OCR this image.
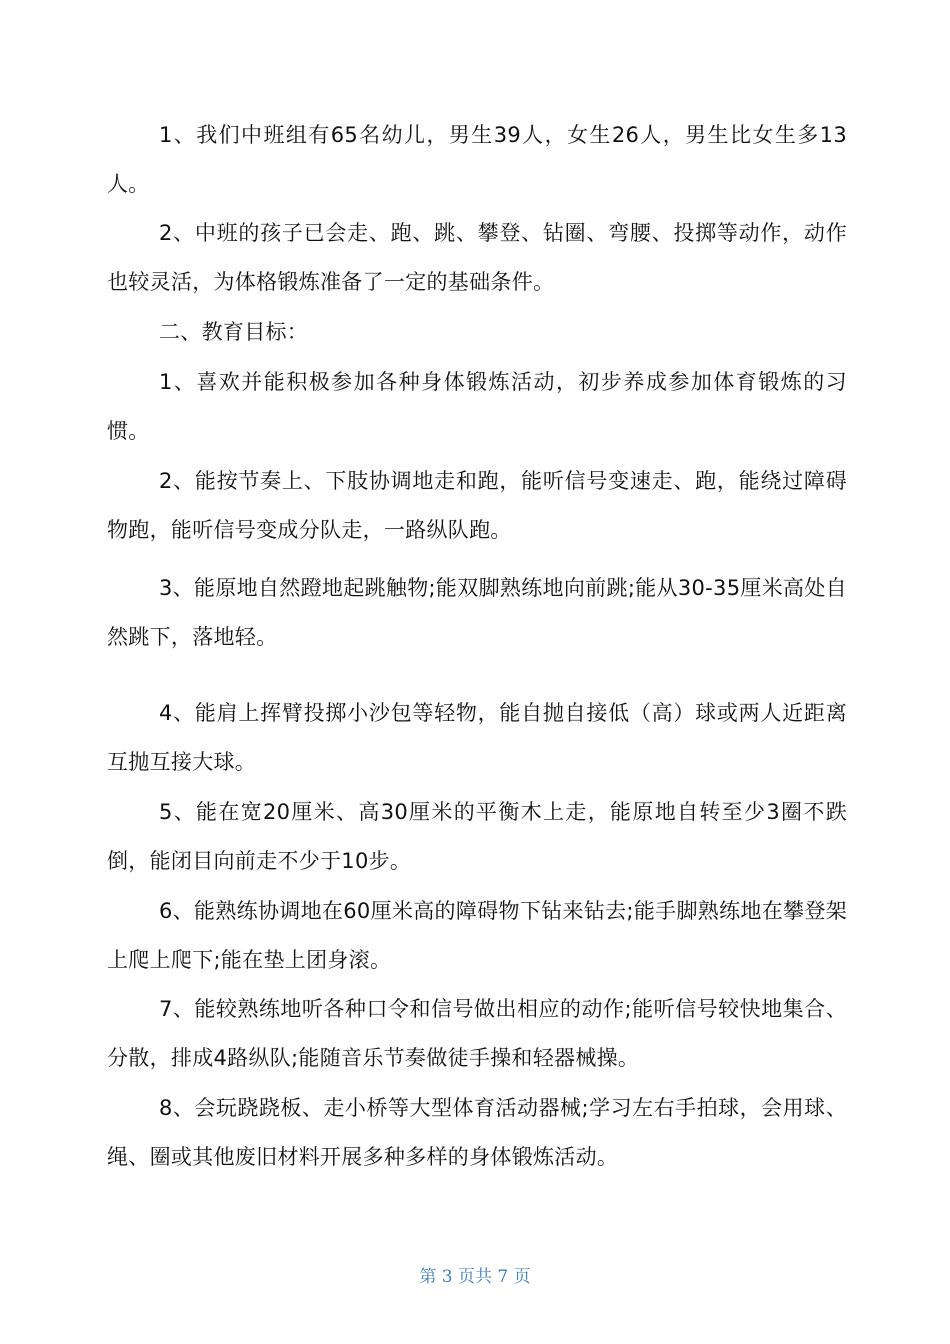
1、我们中班组有65名幼儿，男生39人，女生26人，男生比女生多13人。

2、中班的孩子已会走、跑、跳、攀登、钻圈、弯腰、投掷等动作，动作也较灵活，为体格锻炼准备了一定的基础条件。

二、教育目标：

1、喜欢并能积极参加各种身体锻炼活动，初步养成参加体育锻炼的习惯。

2、能按节奏上、下肢协调地走和跑，能听信号变速走、跑，能绕过障碍物跑，能听信号变成分队走，一路纵队跑。

3、能原地自然蹬地起跳触物;能双脚熟练地向前跳;能从30-35厘米高处自然跳下，落地轻。

4、能肩上挥臂投掷小沙包等轻物，能自抛自接低（高）球或两人近距离互抛互接大球。

5、能在宽20厘米、高30厘米的平衡木上走，能原地自转至少3圈不跌倒，能闭目向前走不少于10步。

6、能熟练协调地在60厘米高的障碍物下钻来钻去;能手脚熟练地在攀登架上爬上爬下;能在垫上团身滚。

7、能较熟练地听各种口令和信号做出相应的动作;能听信号较快地集合、分散，排成4路纵队;能随音乐节奏做徒手操和轻器械操。

8、会玩跷跷板、走小桥等大型体育活动器械;学习左右手拍球，会用球、绳、圈或其他废旧材料开展多种多样的身体锻炼活动。

第 3 页共 7 页
